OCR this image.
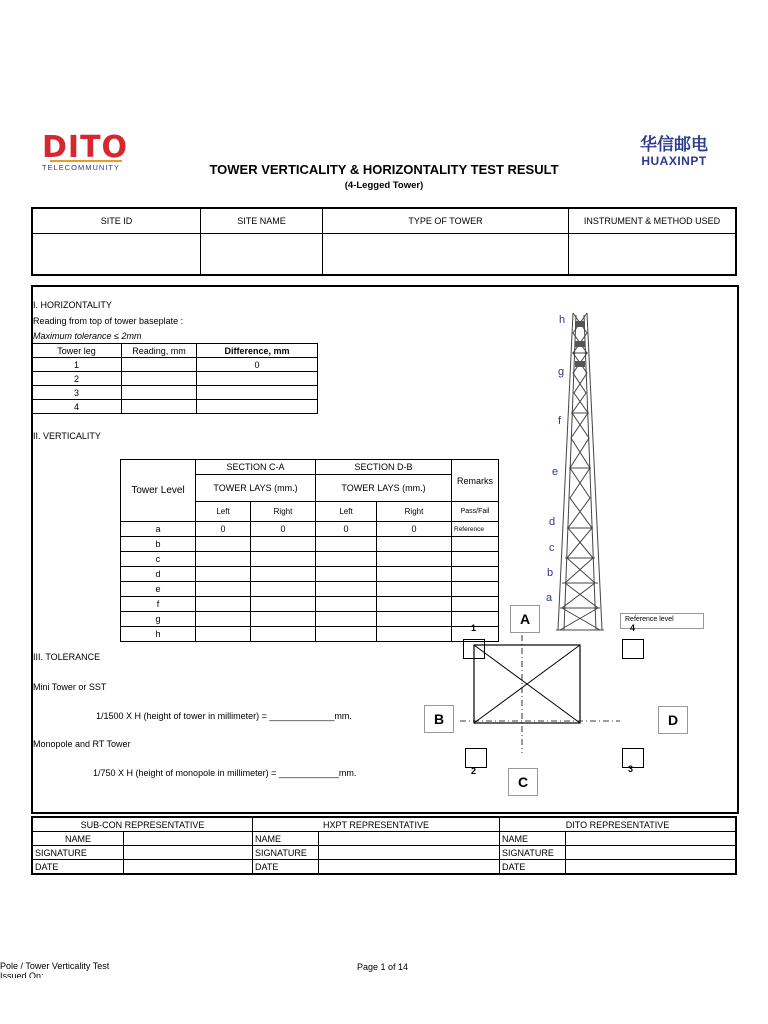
DITO
TELECOMMUNITY
华信邮电
HUAXINPT
TOWER VERTICALITY & HORIZONTALITY TEST RESULT
(4-Legged Tower)
SITE ID	SITE NAME	TYPE OF TOWER	INSTRUMENT & METHOD USED

I. HORIZONTALITY
Reading from top of tower baseplate :
Maximum tolerance ≤ 2mm
Tower leg	Reading, mm	Difference, mm
1		0
2		
3		
4		
II. VERTICALITY
Tower Level	SECTION C-A		SECTION D-B		Remarks
	TOWER LAYS (mm.)		TOWER LAYS (mm.)		
	Left	Right	Left	Right	Pass/Fail
a	0	0	0	0	Reference
b					
c					
d					
e					
f					
g					
h					
III. TOLERANCE
Mini Tower or SST
1/1500 X H (height of tower in millimeter) = _____________mm.
Monopole and RT Tower
1/750 X H (height of monopole in millimeter) = ____________mm.
h
g
f
e
d
c
b
a
Reference level
A
1	4
B	D
2	3
C
SUB-CON REPRESENTATIVE		HXPT REPRESENTATIVE		DITO REPRESENTATIVE	
NAME		NAME		NAME	
SIGNATURE		SIGNATURE		SIGNATURE	
DATE		DATE		DATE	
Pole / Tower Verticality Test
Issued On:
Page 1 of 14
